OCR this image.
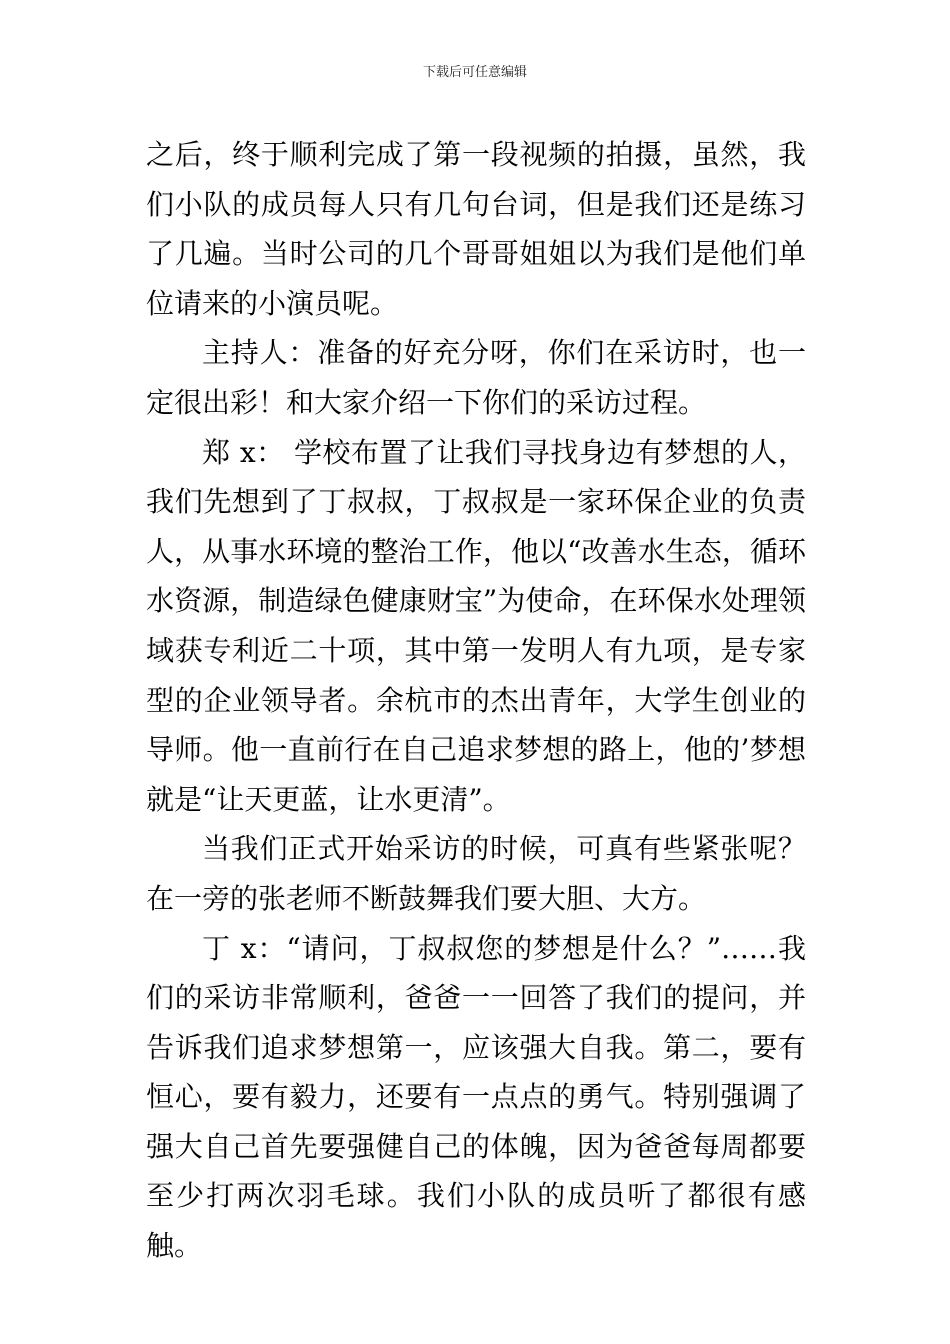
下载后可任意编辑

之后，终于顺利完成了第一段视频的拍摄，虽然，我们小队的成员每人只有几句台词，但是我们还是练习了几遍。当时公司的几个哥哥姐姐以为我们是他们单位请来的小演员呢。

主持人：准备的好充分呀，你们在采访时，也一定很出彩！和大家介绍一下你们的采访过程。

郑 x： 学校布置了让我们寻找身边有梦想的人，我们先想到了丁叔叔，丁叔叔是一家环保企业的负责人，从事水环境的整治工作，他以“改善水生态，循环水资源，制造绿色健康财宝”为使命，在环保水处理领域获专利近二十项，其中第一发明人有九项，是专家型的企业领导者。余杭市的杰出青年，大学生创业的导师。他一直前行在自己追求梦想的路上，他的’梦想就是“让天更蓝，让水更清”。

当我们正式开始采访的时候，可真有些紧张呢？在一旁的张老师不断鼓舞我们要大胆、大方。

丁 x：“请问，丁叔叔您的梦想是什么？”……我们的采访非常顺利，爸爸一一回答了我们的提问，并告诉我们追求梦想第一，应该强大自我。第二，要有恒心，要有毅力，还要有一点点的勇气。特别强调了强大自己首先要强健自己的体魄，因为爸爸每周都要至少打两次羽毛球。我们小队的成员听了都很有感触。
